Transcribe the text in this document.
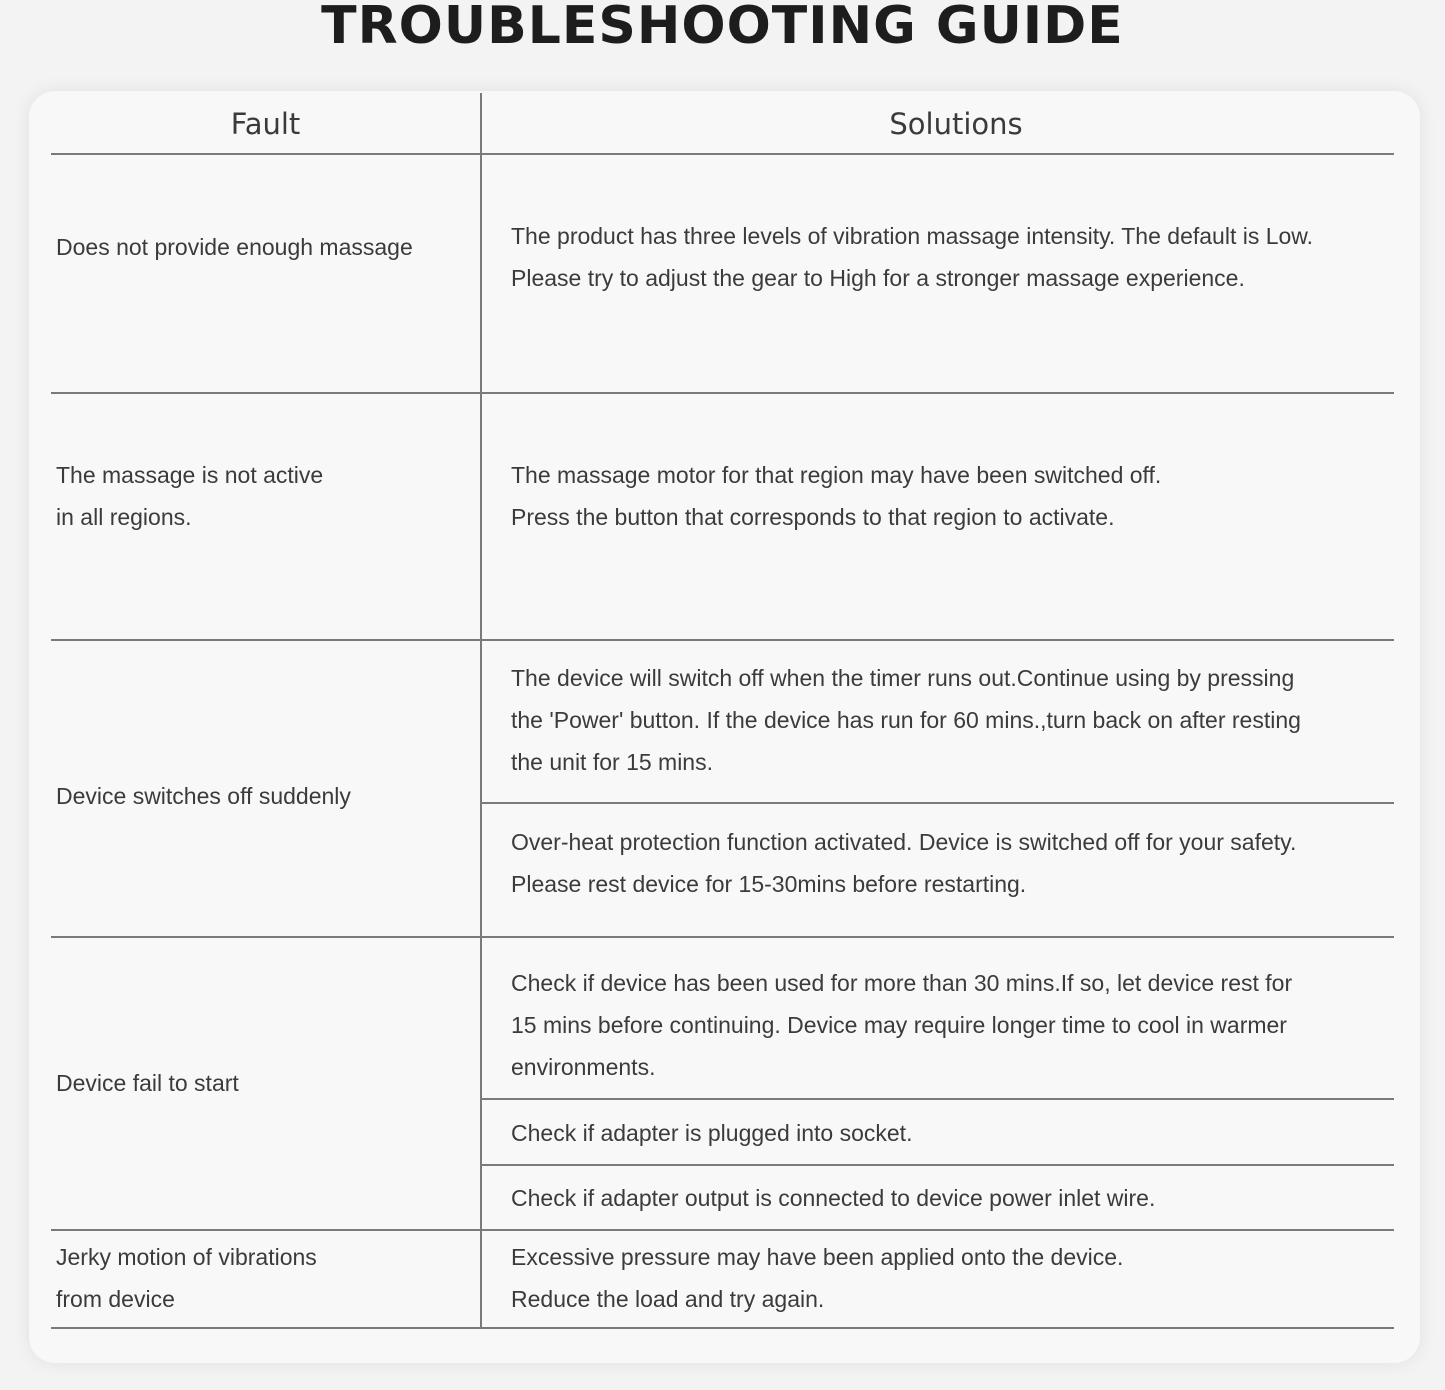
TROUBLESHOOTING GUIDE
Fault	Solutions

Does not provide enough massage	The product has three levels of vibration massage intensity. The default is Low.
Please try to adjust the gear to High for a stronger massage experience.

The massage is not active
in all regions.

The massage motor for that region may have been switched off.
Press the button that corresponds to that region to activate.

Device switches off suddenly

The device will switch off when the timer runs out.Continue using by pressing
the 'Power' button. If the device has run for 60 mins.,turn back on after resting
the unit for 15 mins.

Over-heat protection function activated. Device is switched off for your safety.
Please rest device for 15-30mins before restarting.

Device fail to start

Check if device has been used for more than 30 mins.If so, let device rest for
15 mins before continuing. Device may require longer time to cool in warmer
environments.

Check if adapter is plugged into socket.

Check if adapter output is connected to device power inlet wire.

Jerky motion of vibrations
from device

Excessive pressure may have been applied onto the device.
Reduce the load and try again.
